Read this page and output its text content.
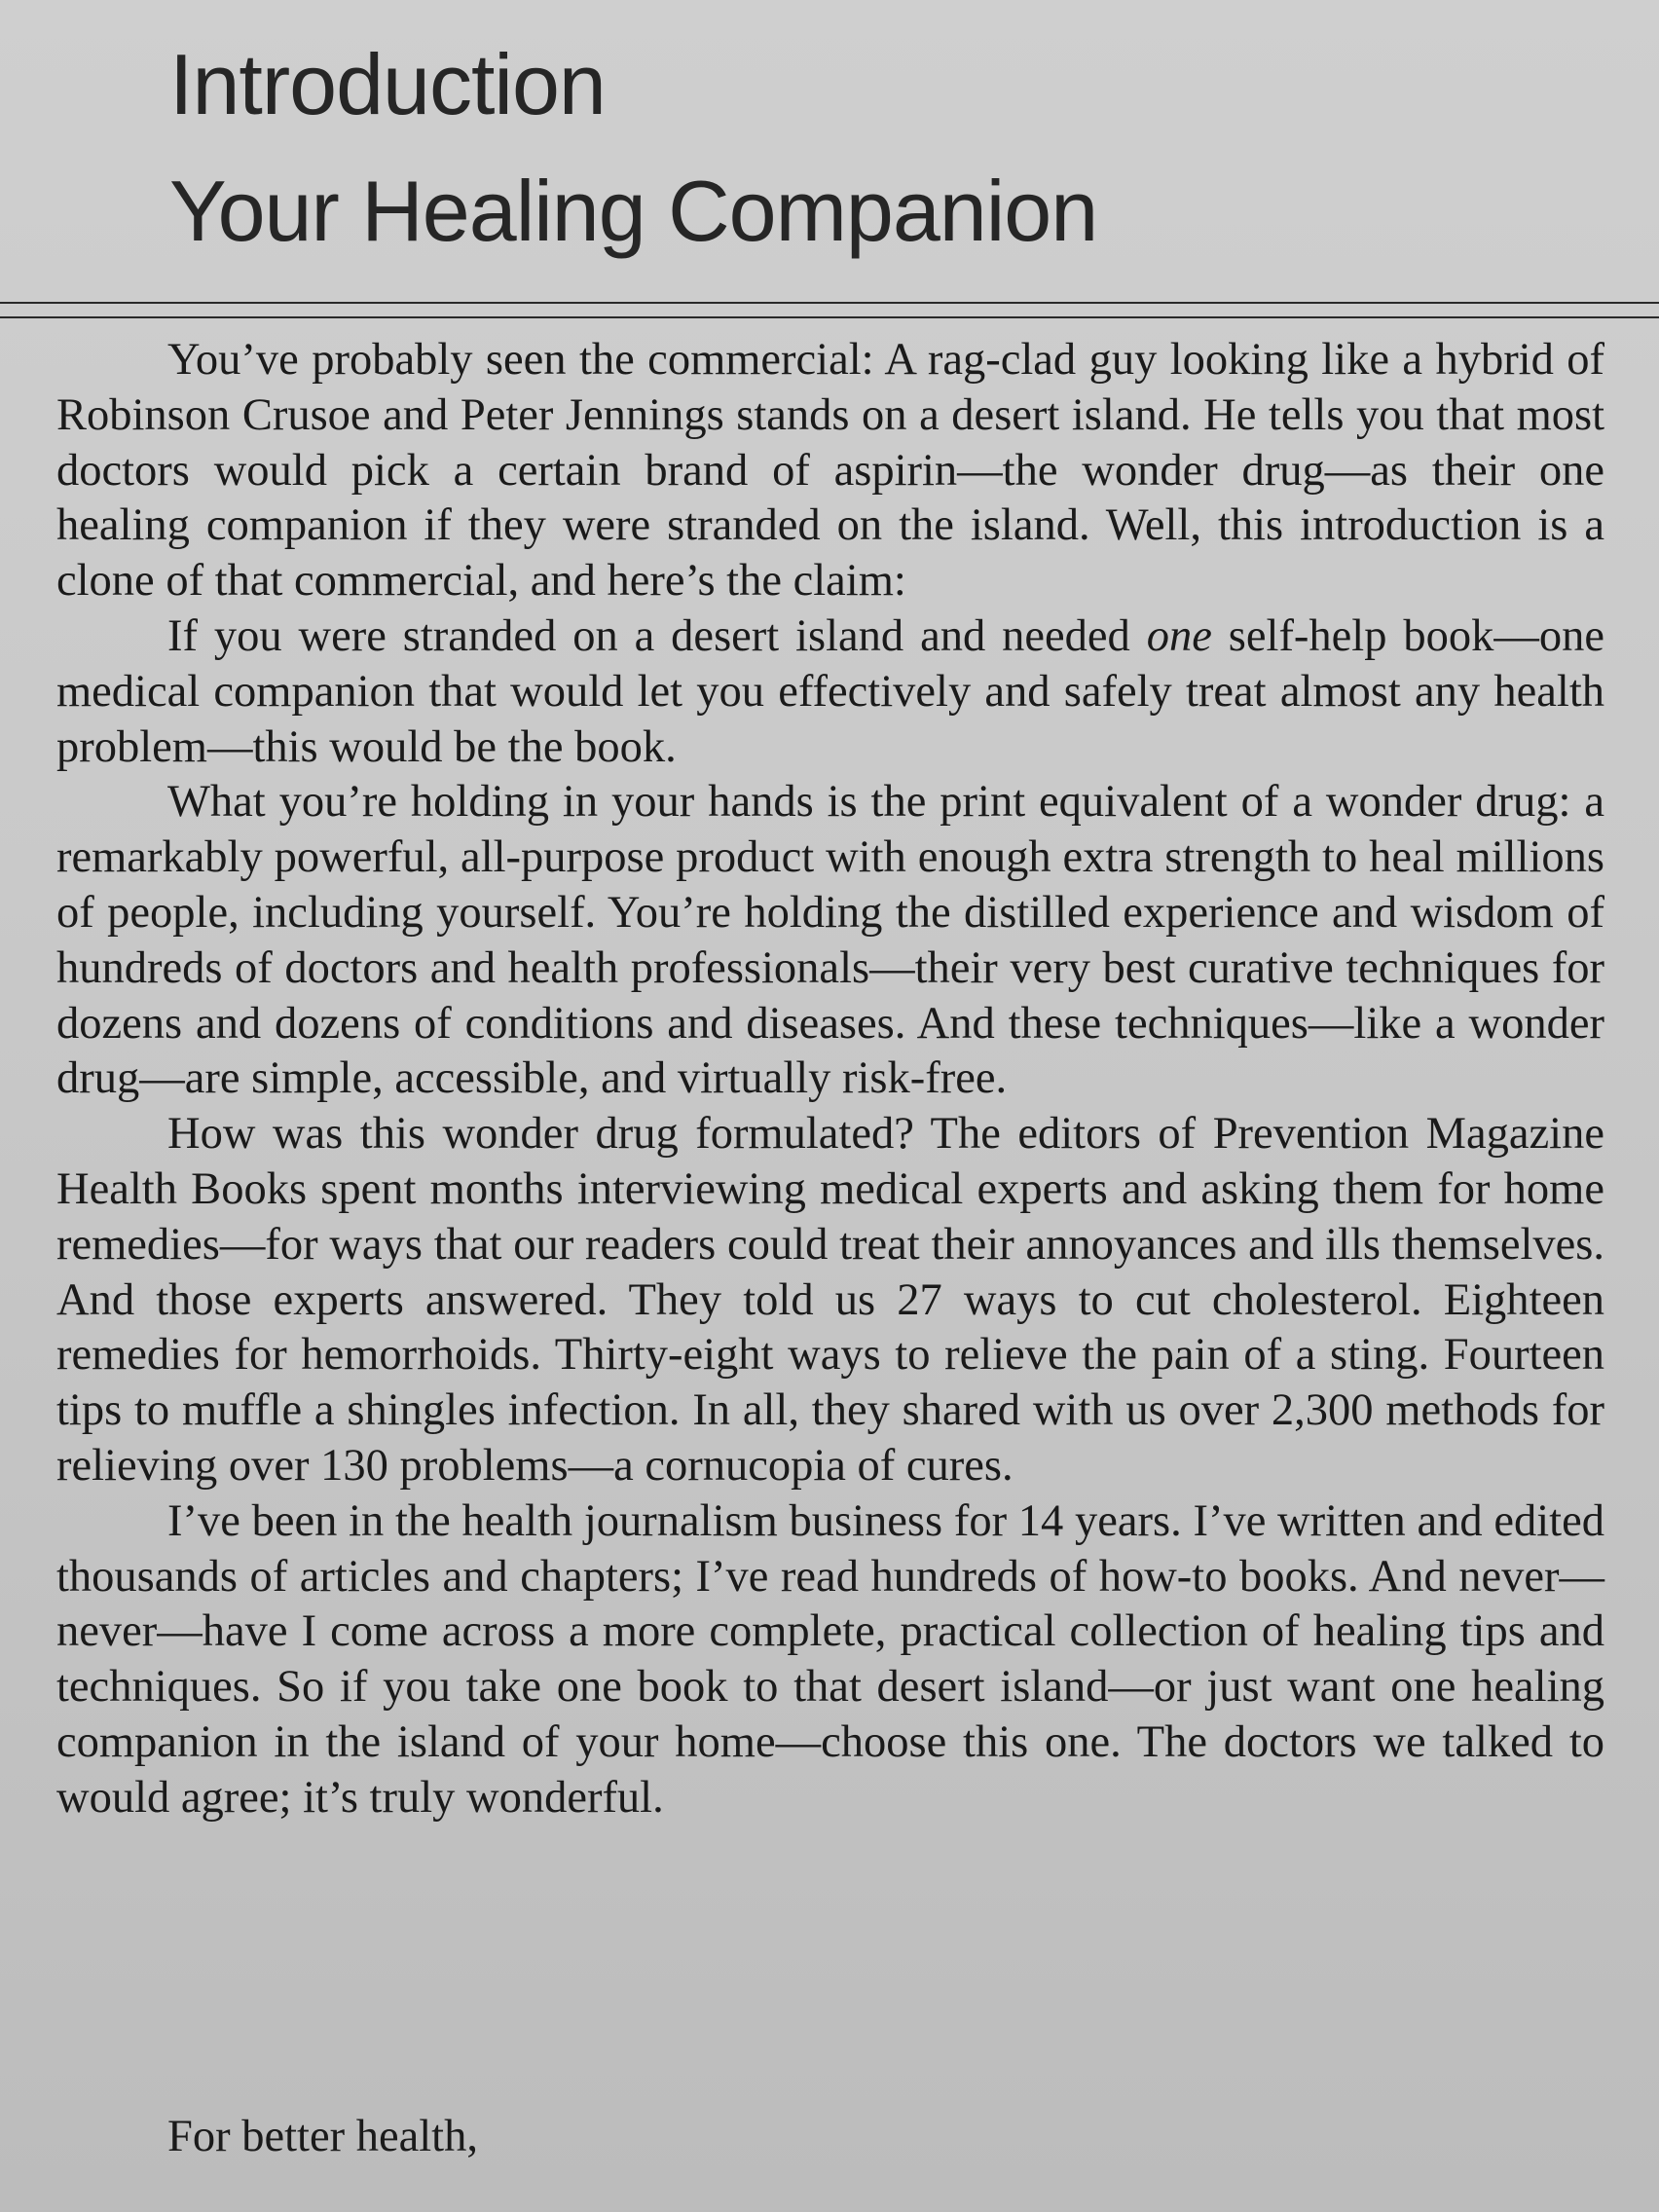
Introduction
Your Healing Companion

You’ve probably seen the commercial: A rag-clad guy looking like a hybrid of Robinson Crusoe and Peter Jennings stands on a desert island. He tells you that most doctors would pick a certain brand of aspirin—the wonder drug—as their one healing companion if they were stranded on the island. Well, this introduction is a clone of that commercial, and here’s the claim:

If you were stranded on a desert island and needed one self-help book—one medical companion that would let you effectively and safely treat almost any health problem—this would be the book.

What you’re holding in your hands is the print equivalent of a wonder drug: a remarkably powerful, all-purpose product with enough extra strength to heal millions of people, including yourself. You’re holding the distilled experience and wisdom of hundreds of doctors and health professionals—their very best curative techniques for dozens and dozens of conditions and diseases. And these techniques—like a wonder drug—are simple, accessible, and virtually risk-free.

How was this wonder drug formulated? The editors of Prevention Magazine Health Books spent months interviewing medical experts and asking them for home remedies—for ways that our readers could treat their annoyances and ills themselves. And those experts answered. They told us 27 ways to cut cholesterol. Eighteen remedies for hemorrhoids. Thirty-eight ways to relieve the pain of a sting. Fourteen tips to muffle a shingles infection. In all, they shared with us over 2,300 methods for relieving over 130 problems—a cornucopia of cures.

I’ve been in the health journalism business for 14 years. I’ve written and edited thousands of articles and chapters; I’ve read hundreds of how-to books. And never—never—have I come across a more complete, practical collection of healing tips and techniques. So if you take one book to that desert island—or just want one healing companion in the island of your home—choose this one. The doctors we talked to would agree; it’s truly wonderful.

For better health,
